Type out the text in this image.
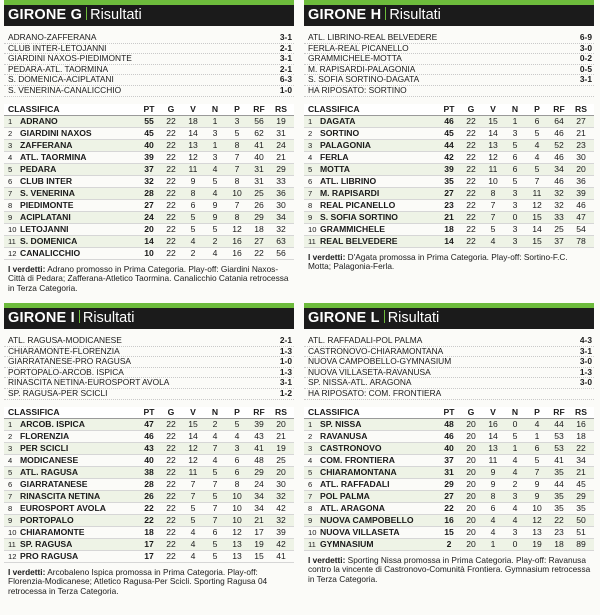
GIRONE G Risultati
ADRANO-ZAFFERANA	3-1
CLUB INTER-LETOJANNI	2-1
GIARDINI NAXOS-PIEDIMONTE	3-1
PEDARA-ATL. TAORMINA	2-1
S. DOMENICA-ACIPLATANI	6-3
S. VENERINA-CANALICCHIO	1-0
CLASSIFICA	PT	G	V	N	P	RF	RS
1 ADRANO	55	22	18	1	3	56	19
2 GIARDINI NAXOS	45	22	14	3	5	62	31
3 ZAFFERANA	40	22	13	1	8	41	24
4 ATL. TAORMINA	39	22	12	3	7	40	21
5 PEDARA	37	22	11	4	7	31	29
6 CLUB INTER	32	22	9	5	8	31	33
7 S. VENERINA	28	22	8	4	10	25	36
8 PIEDIMONTE	27	22	6	9	7	26	30
9 ACIPLATANI	24	22	5	9	8	29	34
10 LETOJANNI	20	22	5	5	12	18	32
11 S. DOMENICA	14	22	4	2	16	27	63
12 CANALICCHIO	10	22	2	4	16	22	56
I verdetti: Adrano promosso in Prima Categoria. Play-off: Giardini Naxos-Città di Pedara; Zafferana-Atletico Taormina. Canalicchio Catania retrocessa in Terza Categoria.
GIRONE I Risultati
ATL. RAGUSA-MODICANESE	2-1
CHIARAMONTE-FLORENZIA	1-3
GIARRATANESE-PRO RAGUSA	1-0
PORTOPALO-ARCOB. ISPICA	1-3
RINASCITA NETINA-EUROSPORT AVOLA	3-1
SP. RAGUSA-PER SCICLI	1-2
CLASSIFICA	PT	G	V	N	P	RF	RS
1 ARCOB. ISPICA	47	22	15	2	5	39	20
2 FLORENZIA	46	22	14	4	4	43	21
3 PER SCICLI	43	22	12	7	3	41	19
4 MODICANESE	40	22	12	4	6	48	25
5 ATL. RAGUSA	38	22	11	5	6	29	20
6 GIARRATANESE	28	22	7	7	8	24	30
7 RINASCITA NETINA	26	22	7	5	10	34	32
8 EUROSPORT AVOLA	22	22	5	7	10	34	42
9 PORTOPALO	22	22	5	7	10	21	32
10 CHIARAMONTE	18	22	4	6	12	17	39
11 SP. RAGUSA	17	22	4	5	13	19	42
12 PRO RAGUSA	17	22	4	5	13	15	41
I verdetti: Arcobaleno Ispica promossa in Prima Categoria. Play-off: Florenzia-Modicanese; Atletico Ragusa-Per Scicli. Sporting Ragusa 04 retrocessa in Terza Categoria.
GIRONE H Risultati
ATL. LIBRINO-REAL BELVEDERE	6-9
FERLA-REAL PICANELLO	3-0
GRAMMICHELE-MOTTA	0-2
M. RAPISARDI-PALAGONIA	0-5
S. SOFIA SORTINO-DAGATA	3-1
HA RIPOSATO: SORTINO
CLASSIFICA	PT	G	V	N	P	RF	RS
1 DAGATA	46	22	15	1	6	64	27
2 SORTINO	45	22	14	3	5	46	21
3 PALAGONIA	44	22	13	5	4	52	23
4 FERLA	42	22	12	6	4	46	30
5 MOTTA	39	22	11	6	5	34	20
6 ATL. LIBRINO	35	22	10	5	7	46	36
7 M. RAPISARDI	27	22	8	3	11	32	39
8 REAL PICANELLO	23	22	7	3	12	32	46
9 S. SOFIA SORTINO	21	22	7	0	15	33	47
10 GRAMMICHELE	18	22	5	3	14	25	54
11 REAL BELVEDERE	14	22	4	3	15	37	78
I verdetti: D'Agata promossa in Prima Categoria. Play-off: Sortino-F.C. Motta; Palagonia-Ferla.
GIRONE L Risultati
ATL. RAFFADALI-POL PALMA	4-3
CASTRONOVO-CHIARAMONTANA	3-1
NUOVA CAMPOBELLO-GYMNASIUM	3-0
NUOVA VILLASETA-RAVANUSA	1-3
SP. NISSA-ATL. ARAGONA	3-0
HA RIPOSATO: COM. FRONTIERA
CLASSIFICA	PT	G	V	N	P	RF	RS
1 SP. NISSA	48	20	16	0	4	44	16
2 RAVANUSA	46	20	14	5	1	53	18
3 CASTRONOVO	40	20	13	1	6	53	22
4 COM. FRONTIERA	37	20	11	4	5	41	34
5 CHIARAMONTANA	31	20	9	4	7	35	21
6 ATL. RAFFADALI	29	20	9	2	9	44	45
7 POL PALMA	27	20	8	3	9	35	29
8 ATL. ARAGONA	22	20	6	4	10	35	35
9 NUOVA CAMPOBELLO	16	20	4	4	12	22	50
10 NUOVA VILLASETA	15	20	4	3	13	23	51
11 GYMNASIUM	2	20	1	0	19	18	89
I verdetti: Sporting Nissa promossa in Prima Categoria. Play-off: Ravanusa contro la vincente di Castronovo-Comunità Frontiera. Gymnasium retrocessa in Terza Categoria.
